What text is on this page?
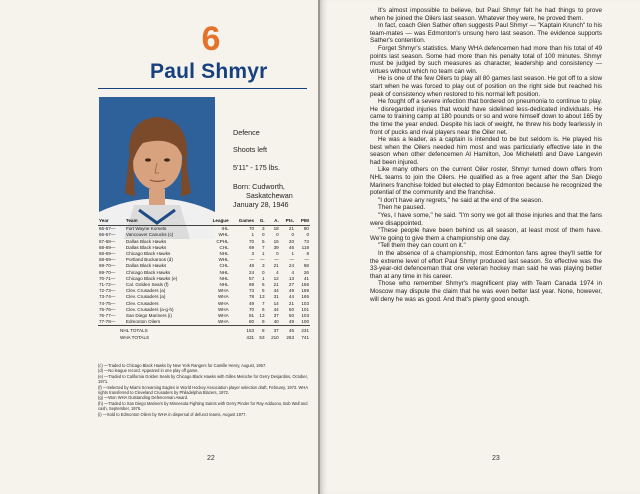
6
Paul Shmyr
Defence
Shoots left
5'11" - 175 lbs.
Born: Cudworth,
Saskatchewan
January 28, 1946
Year	Team	League	Games	G.	A.	Pts.	PIM
66-67—	Fort Wayne Komets	IHL	70	3	18	21	80
66-67—	Vancouver Canucks (c)	WHL	1	0	0	0	0
67-68—	Dallas Black Hawks	CPHL	70	5	15	20	73
68-69—	Dallas Black Hawks	CHL	69	7	39	46	118
68-69—	Chicago Black Hawks	NHL	3	1	0	1	8
68-69—	Portland Buckaroos (d)	WHL	—	—	—	—	—
69-70—	Dallas Black Hawks	CHL	48	3	21	24	88
69-70—	Chicago Black Hawks	NHL	24	0	4	4	26
70-71—	Chicago Black Hawks (e)	NHL	57	1	12	13	41
71-72—	Cal. Golden Seals (f)	NHL	69	6	21	27	156
72-73—	Clev. Crusaders (a)	WHA	73	5	44	49	169
73-74—	Clev. Crusaders (a)	WHA	78	13	31	44	165
74-75—	Clev. Crusaders	WHA	49	7	14	21	103
75-76—	Clev. Crusaders (a-g-h)	WHA	70	6	44	50	101
76-77—	San Diego Mariners (i)	WHA	81	13	37	50	103
77-78—	Edmonton Oilers	WHA	80	9	40	49	100
NHL TOTALS			153	8	37	45	231
WHA TOTALS			431	53	210	263	741
(c) —Traded to Chicago Black Hawks by New York Rangers for Camille Henry, August, 1967.
(d) —No league record. Appeared in one play off game.
(e) —Traded to California Golden Seals by Chicago Black Hawks with Gilles Meloche for Gerry Desjardins, October, 1971.
(f) —Selected by Miami Screaming Eagles in World Hockey Association player selection draft, February, 1972. WHA rights transferred to Cleveland Crusaders by Philadelphia Blazers, 1972.
(g) —Won WHA Outstanding Defenceman Award.
(h) —Traded to San Diego Mariners by Minnesota Fighting Saints with Gerry Pinder for Ray Adduono, Bob Wall and cash, September, 1976.
(i) —Sold to Edmonton Oilers by WHA in dispersal of defunct teams, August 1977.
22

It's almost impossible to believe, but Paul Shmyr felt he had things to prove when he joined the Oilers last season. Whatever they were, he proved them.

In fact, coach Glen Sather often suggests Paul Shmyr — "Kaptain Krunch" to his team-mates — was Edmonton's unsung hero last season. The evidence supports Sather's contention.

Forget Shmyr's statistics. Many WHA defencemen had more than his total of 49 points last season. Some had more than his penalty total of 100 minutes. Shmyr must be judged by such measures as character, leadership and consistency — virtues without which no team can win.

He is one of the few Oilers to play all 80 games last season. He got off to a slow start when he was forced to play out of position on the right side but reached his peak of consistency when restored to his normal left position.

He fought off a severe infection that bordered on pneumonia to continue to play. He disregarded injuries that would have sidelined less-dedicated individuals. He came to training camp at 180 pounds or so and wore himself down to about 165 by the time the year ended. Despite his lack of weight, he threw his body fearlessly in front of pucks and rival players near the Oiler net.

He was a leader, as a captain is intended to be but seldom is. He played his best when the Oilers needed him most and was particularly effective late in the season when other defencemen Al Hamilton, Joe Micheletti and Dave Langevin had been injured.

Like many others on the current Oiler roster, Shmyr turned down offers from NHL teams to join the Oilers. He qualified as a free agent after the San Diego Mariners franchise folded but elected to play Edmonton because he recognized the potential of the community and the franchise.

"I don't have any regrets," he said at the end of the season.

Then he paused.

"Yes, I have some," he said. "I'm sorry we got all those injuries and that the fans were disappointed.

"These people have been behind us all season, at least most of them have. We're going to give them a championship one day.

"Tell them they can count on it."

In the absence of a championship, most Edmonton fans agree they'll settle for the extreme level of effort Paul Shmyr produced last season. So effective was the 33-year-old defenceman that one veteran hockey man said he was playing better than at any time in his career.

Those who remember Shmyr's magnificent play with Team Canada 1974 in Moscow may dispute the claim that he was even better last year. None, however, will deny he was as good. And that's plenty good enough.

23
